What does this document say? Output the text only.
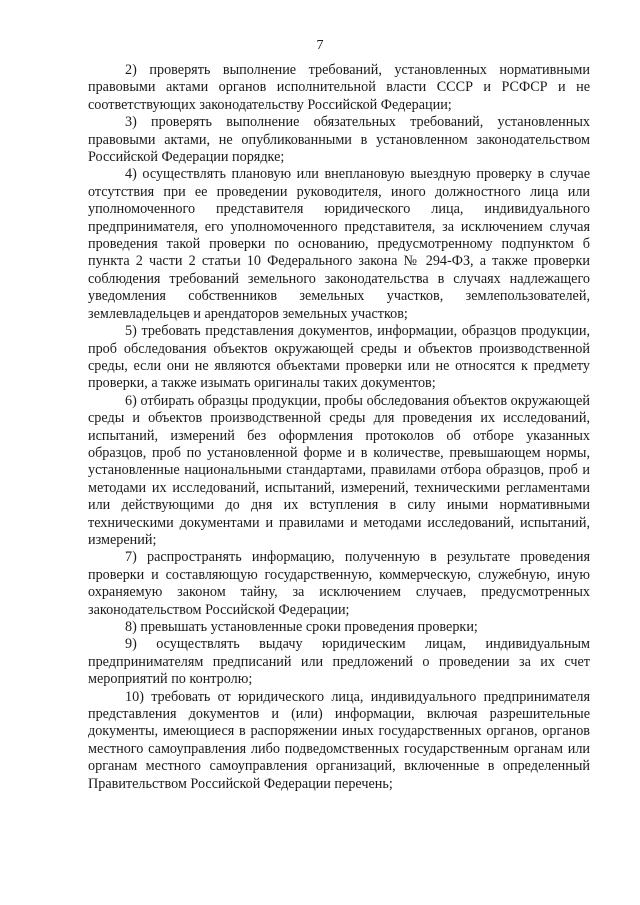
7

2) проверять выполнение требований, установленных нормативными правовыми актами органов исполнительной власти СССР и РСФСР и не соответствующих законодательству Российской Федерации;

3) проверять выполнение обязательных требований, установленных правовыми актами, не опубликованными в установленном законодательством Российской Федерации порядке;

4) осуществлять плановую или внеплановую выездную проверку в случае отсутствия при ее проведении руководителя, иного должностного лица или уполномоченного представителя юридического лица, индивидуального предпринимателя, его уполномоченного представителя, за исключением случая проведения такой проверки по основанию, предусмотренному подпунктом б пункта 2 части 2 статьи 10 Федерального закона № 294-ФЗ, а также проверки соблюдения требований земельного законодательства в случаях надлежащего уведомления собственников земельных участков, землепользователей, землевладельцев и арендаторов земельных участков;

5) требовать представления документов, информации, образцов продукции, проб обследования объектов окружающей среды и объектов производственной среды, если они не являются объектами проверки или не относятся к предмету проверки, а также изымать оригиналы таких документов;

6) отбирать образцы продукции, пробы обследования объектов окружающей среды и объектов производственной среды для проведения их исследований, испытаний, измерений без оформления протоколов об отборе указанных образцов, проб по установленной форме и в количестве, превышающем нормы, установленные национальными стандартами, правилами отбора образцов, проб и методами их исследований, испытаний, измерений, техническими регламентами или действующими до дня их вступления в силу иными нормативными техническими документами и правилами и методами исследований, испытаний, измерений;

7) распространять информацию, полученную в результате проведения проверки и составляющую государственную, коммерческую, служебную, иную охраняемую законом тайну, за исключением случаев, предусмотренных законодательством Российской Федерации;

8) превышать установленные сроки проведения проверки;

9) осуществлять выдачу юридическим лицам, индивидуальным предпринимателям предписаний или предложений о проведении за их счет мероприятий по контролю;

10) требовать от юридического лица, индивидуального предпринимателя представления документов и (или) информации, включая разрешительные документы, имеющиеся в распоряжении иных государственных органов, органов местного самоуправления либо подведомственных государственным органам или органам местного самоуправления организаций, включенные в определенный Правительством Российской Федерации перечень;
